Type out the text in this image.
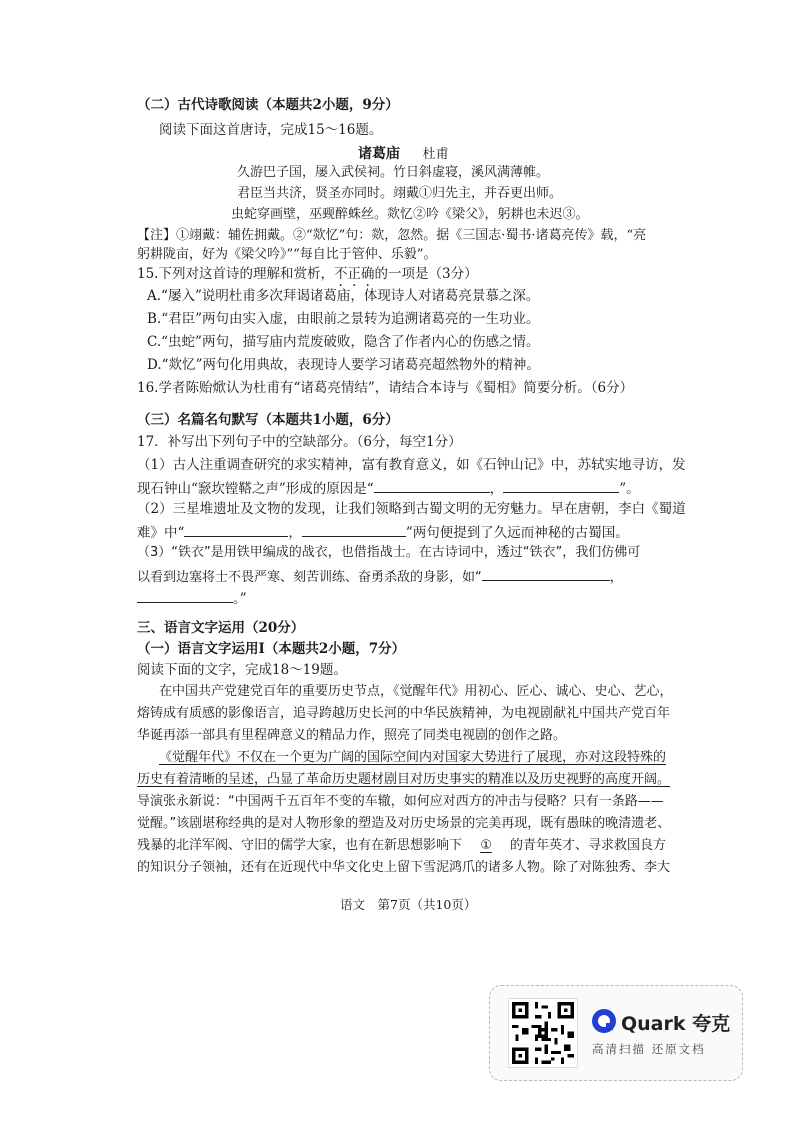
（二）古代诗歌阅读（本题共2小题，9分）
阅读下面这首唐诗，完成15～16题。
诸葛庙 杜甫
久游巴子国，屡入武侯祠。竹日斜虚寝，溪风满薄帷。
君臣当共济，贤圣亦同时。翊戴①归先主，并吞更出师。
虫蛇穿画壁，巫觋醉蛛丝。欻忆②吟《梁父》，躬耕也未迟③。
【注】①翊戴：辅佐拥戴。②“欻忆”句：欻，忽然。据《三国志·蜀书·诸葛亮传》载，“亮
躬耕陇亩，好为《梁父吟》”“每自比于管仲、乐毅”。
15.下列对这首诗的理解和赏析，不正确的一项是（3分）
A.“屡入”说明杜甫多次拜谒诸葛庙，体现诗人对诸葛亮景慕之深。
B.“君臣”两句由实入虚，由眼前之景转为追溯诸葛亮的一生功业。
C.“虫蛇”两句，描写庙内荒废破败，隐含了作者内心的伤感之情。
D.“欻忆”两句化用典故，表现诗人要学习诸葛亮超然物外的精神。
16.学者陈贻焮认为杜甫有“诸葛亮情结”，请结合本诗与《蜀相》简要分析。（6分）
（三）名篇名句默写（本题共1小题，6分）
17．补写出下列句子中的空缺部分。（6分，每空1分）
（1）古人注重调查研究的求实精神，富有教育意义，如《石钟山记》中，苏轼实地寻访，发
现石钟山“窾坎镗鞳之声”形成的原因是“	，	”。
（2）三星堆遗址及文物的发现，让我们领略到古蜀文明的无穷魅力。早在唐朝，李白《蜀道
难》中“	，	”两句便提到了久远而神秘的古蜀国。
（3）“铁衣”是用铁甲编成的战衣，也借指战士。在古诗词中，透过“铁衣”，我们仿佛可
以看到边塞将士不畏严寒、刻苦训练、奋勇杀敌的身影，如“	，
。”
三、语言文字运用（20分）
（一）语言文字运用Ⅰ（本题共2小题，7分）
阅读下面的文字，完成18～19题。
在中国共产党建党百年的重要历史节点，《觉醒年代》用初心、匠心、诚心、史心、艺心，
熔铸成有质感的影像语言，追寻跨越历史长河的中华民族精神，为电视剧献礼中国共产党百年
华诞再添一部具有里程碑意义的精品力作，照亮了同类电视剧的创作之路。
《觉醒年代》不仅在一个更为广阔的国际空间内对国家大势进行了展现，亦对这段特殊的
历史有着清晰的呈述，凸显了革命历史题材剧目对历史事实的精准以及历史视野的高度开阔。
导演张永新说：“中国两千五百年不变的车辙，如何应对西方的冲击与侵略？只有一条路——
觉醒。”该剧堪称经典的是对人物形象的塑造及对历史场景的完美再现，既有愚昧的晚清遗老、
残暴的北洋军阀、守旧的儒学大家，也有在新思想影响下 ① 的青年英才、寻求救国良方
的知识分子领袖，还有在近现代中华文化史上留下雪泥鸿爪的诸多人物。除了对陈独秀、李大
语文　第7页（共10页）
Quark 夸克
高清扫描 还原文档
